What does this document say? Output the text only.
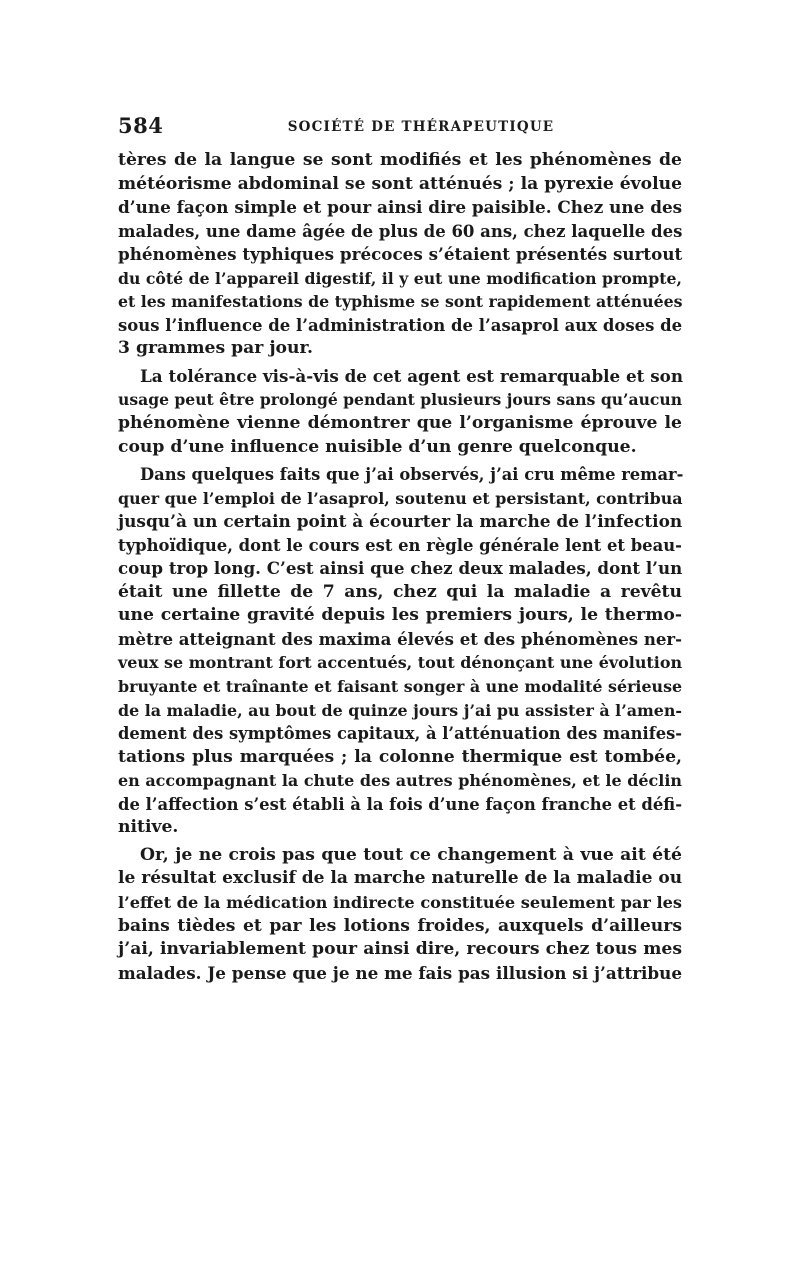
584	SOCIÉTÉ DE THÉRAPEUTIQUE
tères de la langue se sont modifiés et les phénomènes de
météorisme abdominal se sont atténués ; la pyrexie évolue
d’une façon simple et pour ainsi dire paisible. Chez une des
malades, une dame âgée de plus de 60 ans, chez laquelle des
phénomènes typhiques précoces s’étaient présentés surtout
du côté de l’appareil digestif, il y eut une modification prompte,
et les manifestations de typhisme se sont rapidement atténuées
sous l’influence de l’administration de l’asaprol aux doses de
3 grammes par jour.
La tolérance vis-à-vis de cet agent est remarquable et son
usage peut être prolongé pendant plusieurs jours sans qu’aucun
phénomène vienne démontrer que l’organisme éprouve le
coup d’une influence nuisible d’un genre quelconque.
Dans quelques faits que j’ai observés, j’ai cru même remar-
quer que l’emploi de l’asaprol, soutenu et persistant, contribua
jusqu’à un certain point à écourter la marche de l’infection
typhoïdique, dont le cours est en règle générale lent et beau-
coup trop long. C’est ainsi que chez deux malades, dont l’un
était une fillette de 7 ans, chez qui la maladie a revêtu
une certaine gravité depuis les premiers jours, le thermo-
mètre atteignant des maxima élevés et des phénomènes ner-
veux se montrant fort accentués, tout dénonçant une évolution
bruyante et traînante et faisant songer à une modalité sérieuse
de la maladie, au bout de quinze jours j’ai pu assister à l’amen-
dement des symptômes capitaux, à l’atténuation des manifes-
tations plus marquées ; la colonne thermique est tombée,
en accompagnant la chute des autres phénomènes, et le déclin
de l’affection s’est établi à la fois d’une façon franche et défi-
nitive.
Or, je ne crois pas que tout ce changement à vue ait été
le résultat exclusif de la marche naturelle de la maladie ou
l’effet de la médication indirecte constituée seulement par les
bains tièdes et par les lotions froides, auxquels d’ailleurs
j’ai, invariablement pour ainsi dire, recours chez tous mes
malades. Je pense que je ne me fais pas illusion si j’attribue
